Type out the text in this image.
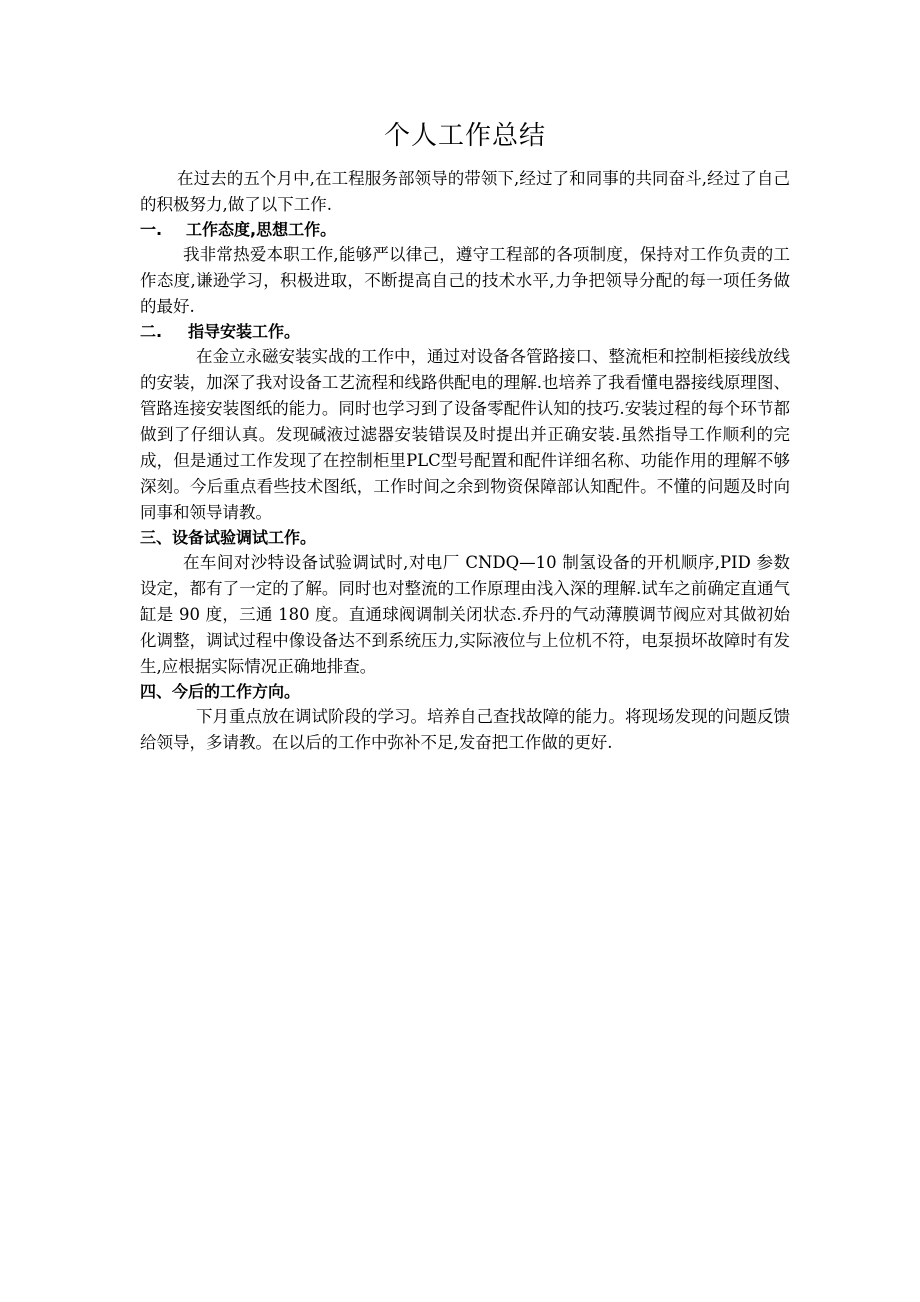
个人工作总结

在过去的五个月中,在工程服务部领导的带领下,经过了和同事的共同奋斗,经过了自己的积极努力,做了以下工作.

一.	工作态度,思想工作。

我非常热爱本职工作,能够严以律己，遵守工程部的各项制度，保持对工作负责的工作态度,谦逊学习，积极进取，不断提高自己的技术水平,力争把领导分配的每一项任务做的最好.

二.	指导安装工作。

在金立永磁安装实战的工作中，通过对设备各管路接口、整流柜和控制柜接线放线的安装，加深了我对设备工艺流程和线路供配电的理解.也培养了我看懂电器接线原理图、管路连接安装图纸的能力。同时也学习到了设备零配件认知的技巧.安装过程的每个环节都做到了仔细认真。发现碱液过滤器安装错误及时提出并正确安装.虽然指导工作顺利的完成，但是通过工作发现了在控制柜里PLC型号配置和配件详细名称、功能作用的理解不够深刻。今后重点看些技术图纸，工作时间之余到物资保障部认知配件。不懂的问题及时向同事和领导请教。

三、 设备试验调试工作。

在车间对沙特设备试验调试时,对电厂 CNDQ—10 制氢设备的开机顺序,PID 参数设定，都有了一定的了解。同时也对整流的工作原理由浅入深的理解.试车之前确定直通气缸是 90 度，三通 180 度。直通球阀调制关闭状态.乔丹的气动薄膜调节阀应对其做初始化调整，调试过程中像设备达不到系统压力,实际液位与上位机不符，电泵损坏故障时有发生,应根据实际情况正确地排查。

四、 今后的工作方向。

下月重点放在调试阶段的学习。培养自己查找故障的能力。将现场发现的问题反馈给领导，多请教。在以后的工作中弥补不足,发奋把工作做的更好.
